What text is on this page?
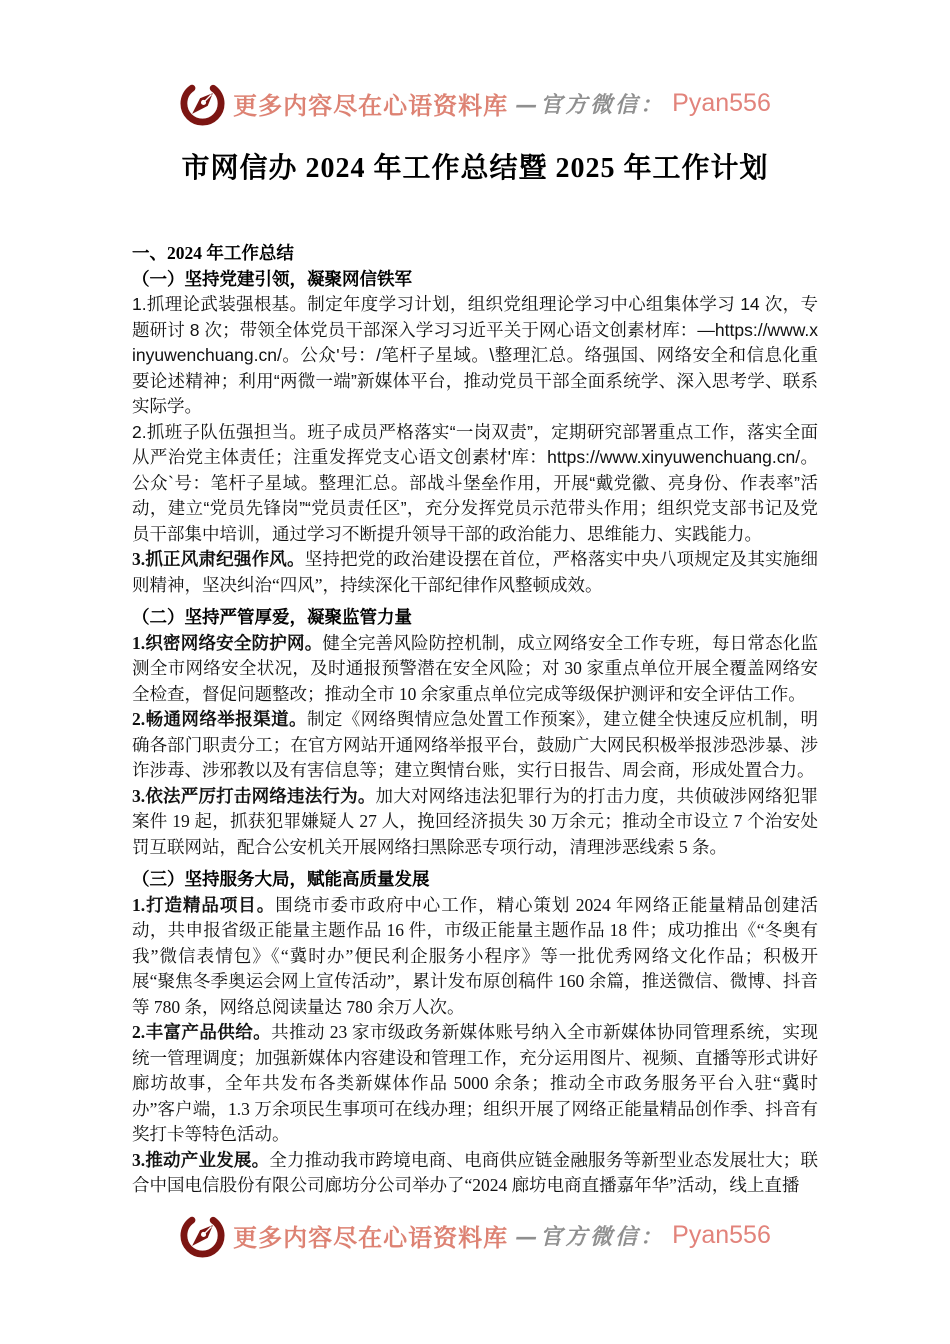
更多内容尽在心语资料库 —官方微信： Pyan556
市网信办 2024 年工作总结暨 2025 年工作计划
一、2024 年工作总结
（一）坚持党建引领，凝聚网信铁军

1.抓理论武装强根基。制定年度学习计划，组织党组理论学习中心组集体学习 14 次，专题研讨 8 次；带领全体党员干部深入学习习近平关于网心语文创素材库：—https://www.xinyuwenchuang.cn/。公众'号：/笔杆子星域。\整理汇总。络强国、网络安全和信息化重要论述精神；利用“两微一端”新媒体平台，推动党员干部全面系统学、深入思考学、联系实际学。

2.抓班子队伍强担当。班子成员严格落实“一岗双责”，定期研究部署重点工作，落实全面从严治党主体责任；注重发挥党支心语文创素材'库：https://www.xinyuwenchuang.cn/。公众`号：笔杆子星域。整理汇总。部战斗堡垒作用，开展“戴党徽、亮身份、作表率”活动，建立“党员先锋岗”“党员责任区”，充分发挥党员示范带头作用；组织党支部书记及党员干部集中培训，通过学习不断提升领导干部的政治能力、思维能力、实践能力。

3.抓正风肃纪强作风。坚持把党的政治建设摆在首位，严格落实中央八项规定及其实施细则精神，坚决纠治“四风”，持续深化干部纪律作风整顿成效。

（二）坚持严管厚爱，凝聚监管力量

1.织密网络安全防护网。健全完善风险防控机制，成立网络安全工作专班，每日常态化监测全市网络安全状况，及时通报预警潜在安全风险；对 30 家重点单位开展全覆盖网络安全检查，督促问题整改；推动全市 10 余家重点单位完成等级保护测评和安全评估工作。

2.畅通网络举报渠道。制定《网络舆情应急处置工作预案》，建立健全快速反应机制，明确各部门职责分工；在官方网站开通网络举报平台，鼓励广大网民积极举报涉恐涉暴、涉诈涉毒、涉邪教以及有害信息等；建立舆情台账，实行日报告、周会商，形成处置合力。

3.依法严厉打击网络违法行为。加大对网络违法犯罪行为的打击力度，共侦破涉网络犯罪案件 19 起，抓获犯罪嫌疑人 27 人，挽回经济损失 30 万余元；推动全市设立 7 个治安处罚互联网站，配合公安机关开展网络扫黑除恶专项行动，清理涉恶线索 5 条。

（三）坚持服务大局，赋能高质量发展

1.打造精品项目。围绕市委市政府中心工作，精心策划 2024 年网络正能量精品创建活动，共申报省级正能量主题作品 16 件，市级正能量主题作品 18 件；成功推出《“冬奥有我”微信表情包》《“冀时办”便民利企服务小程序》等一批优秀网络文化作品；积极开展“聚焦冬季奥运会网上宣传活动”，累计发布原创稿件 160 余篇，推送微信、微博、抖音等 780 条，网络总阅读量达 780 余万人次。

2.丰富产品供给。共推动 23 家市级政务新媒体账号纳入全市新媒体协同管理系统，实现统一管理调度；加强新媒体内容建设和管理工作，充分运用图片、视频、直播等形式讲好廊坊故事，全年共发布各类新媒体作品 5000 余条；推动全市政务服务平台入驻“冀时办”客户端，1.3 万余项民生事项可在线办理；组织开展了网络正能量精品创作季、抖音有奖打卡等特色活动。

3.推动产业发展。全力推动我市跨境电商、电商供应链金融服务等新型业态发展壮大；联合中国电信股份有限公司廊坊分公司举办了“2024 廊坊电商直播嘉年华”活动，线上直播

更多内容尽在心语资料库 —官方微信： Pyan556
